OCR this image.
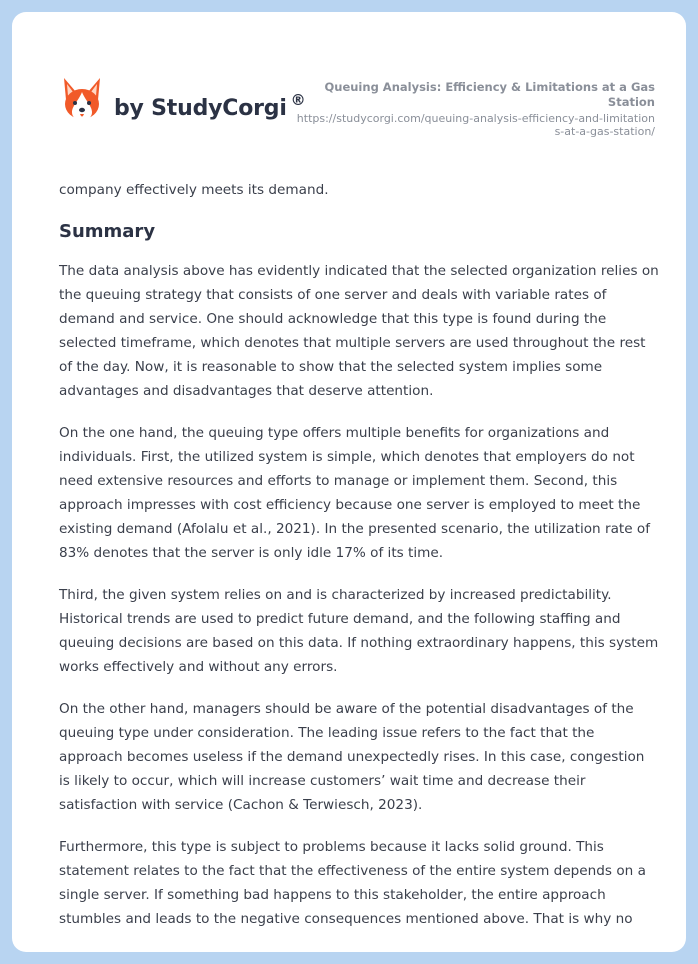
by StudyCorgi ®
Queuing Analysis: Efficiency & Limitations at a Gas Station
https://studycorgi.com/queuing-analysis-efficiency-and-limitations-at-a-gas-station/

company effectively meets its demand.

Summary

The data analysis above has evidently indicated that the selected organization relies on the queuing strategy that consists of one server and deals with variable rates of demand and service. One should acknowledge that this type is found during the selected timeframe, which denotes that multiple servers are used throughout the rest of the day. Now, it is reasonable to show that the selected system implies some advantages and disadvantages that deserve attention.

On the one hand, the queuing type offers multiple benefits for organizations and individuals. First, the utilized system is simple, which denotes that employers do not need extensive resources and efforts to manage or implement them. Second, this approach impresses with cost efficiency because one server is employed to meet the existing demand (Afolalu et al., 2021). In the presented scenario, the utilization rate of 83% denotes that the server is only idle 17% of its time.

Third, the given system relies on and is characterized by increased predictability. Historical trends are used to predict future demand, and the following staffing and queuing decisions are based on this data. If nothing extraordinary happens, this system works effectively and without any errors.

On the other hand, managers should be aware of the potential disadvantages of the queuing type under consideration. The leading issue refers to the fact that the approach becomes useless if the demand unexpectedly rises. In this case, congestion is likely to occur, which will increase customers’ wait time and decrease their satisfaction with service (Cachon & Terwiesch, 2023).

Furthermore, this type is subject to problems because it lacks solid ground. This statement relates to the fact that the effectiveness of the entire system depends on a single server. If something bad happens to this stakeholder, the entire approach stumbles and leads to the negative consequences mentioned above. That is why no
